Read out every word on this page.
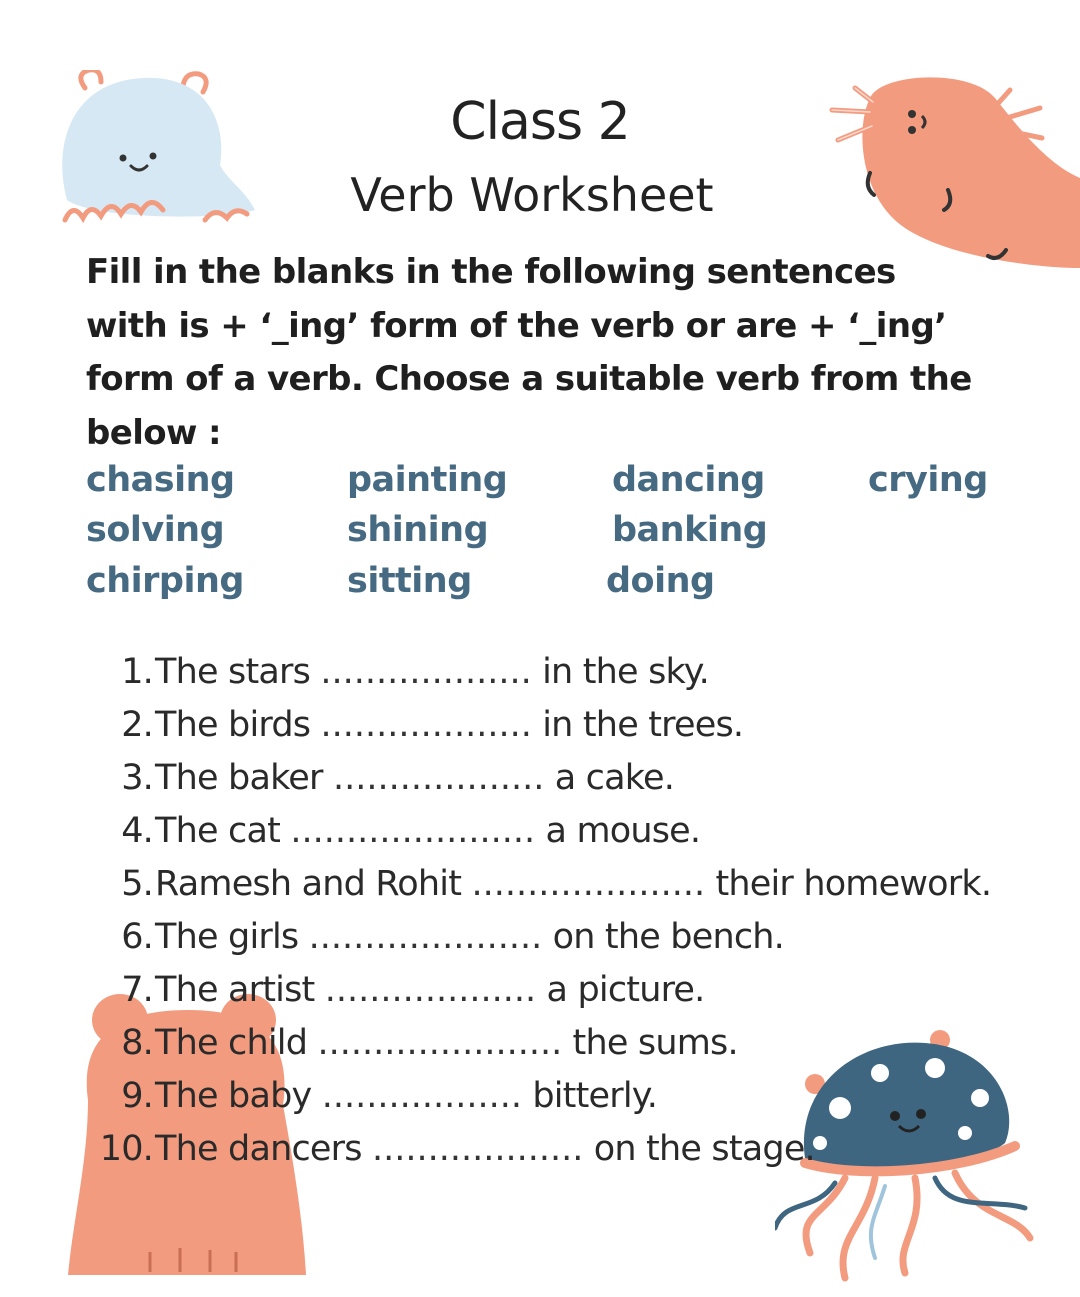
Class 2
Verb Worksheet

Fill in the blanks in the following sentences

with is + ‘_ing’ form of the verb or are + ‘_ing’

form of a verb. Choose a suitable verb from the

below :

chasing	painting	dancing	crying
solving	shining	banking
chirping	sitting	doing
1. The stars ................... in the sky.
2. The birds ................... in the trees.
3. The baker ................... a cake.
4. The cat ...................... a mouse.
5. Ramesh and Rohit ..................... their homework.
6. The girls ..................... on the bench.
7. The artist ................... a picture.
8. The child ...................... the sums.
9. The baby .................. bitterly.
10. The dancers ................... on the stage.
